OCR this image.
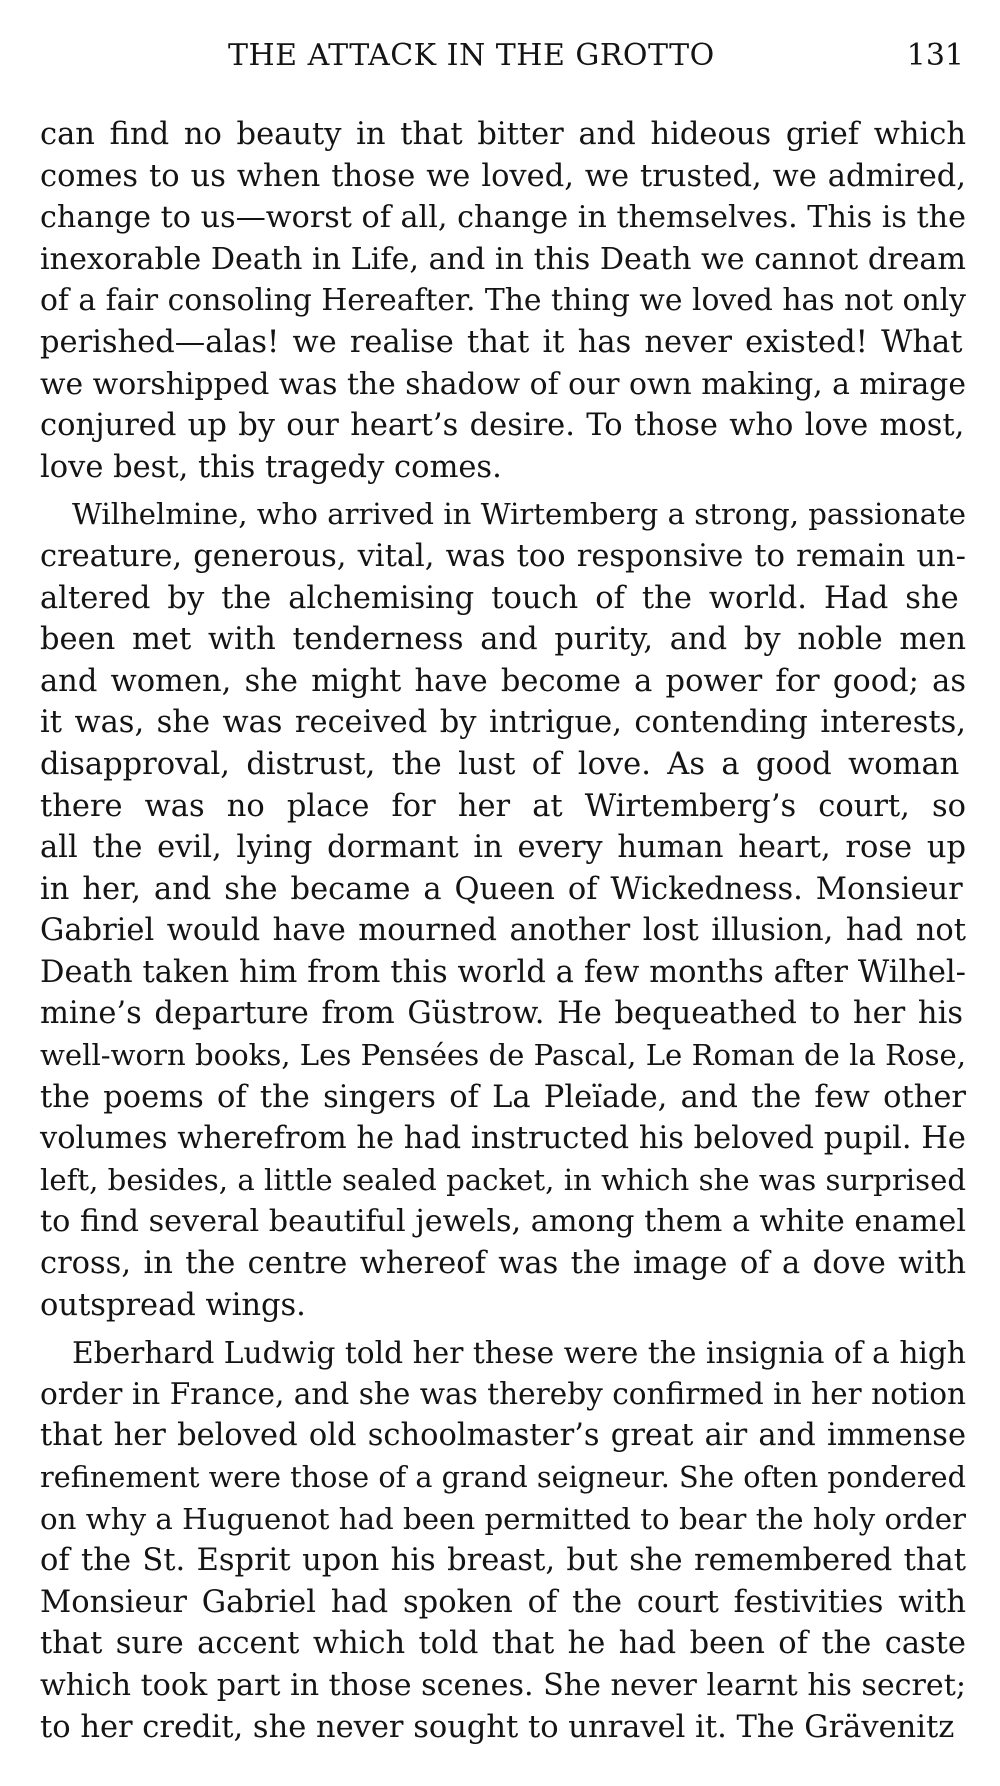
THE ATTACK IN THE GROTTO	131
can find no beauty in that bitter and hideous grief which
comes to us when those we loved, we trusted, we admired,
change to us—worst of all, change in themselves. This is the
inexorable Death in Life, and in this Death we cannot dream
of a fair consoling Hereafter. The thing we loved has not only
perished—alas! we realise that it has never existed! What
we worshipped was the shadow of our own making, a mirage
conjured up by our heart’s desire. To those who love most,
love best, this tragedy comes.
Wilhelmine, who arrived in Wirtemberg a strong, passionate
creature, generous, vital, was too responsive to remain un-
altered by the alchemising touch of the world. Had she
been met with tenderness and purity, and by noble men
and women, she might have become a power for good; as
it was, she was received by intrigue, contending interests,
disapproval, distrust, the lust of love. As a good woman
there was no place for her at Wirtemberg’s court, so
all the evil, lying dormant in every human heart, rose up
in her, and she became a Queen of Wickedness. Monsieur
Gabriel would have mourned another lost illusion, had not
Death taken him from this world a few months after Wilhel-
mine’s departure from Güstrow. He bequeathed to her his
well-worn books, Les Pensées de Pascal, Le Roman de la Rose,
the poems of the singers of La Pleïade, and the few other
volumes wherefrom he had instructed his beloved pupil. He
left, besides, a little sealed packet, in which she was surprised
to find several beautiful jewels, among them a white enamel
cross, in the centre whereof was the image of a dove with
outspread wings.
Eberhard Ludwig told her these were the insignia of a high
order in France, and she was thereby confirmed in her notion
that her beloved old schoolmaster’s great air and immense
refinement were those of a grand seigneur. She often pondered
on why a Huguenot had been permitted to bear the holy order
of the St. Esprit upon his breast, but she remembered that
Monsieur Gabriel had spoken of the court festivities with
that sure accent which told that he had been of the caste
which took part in those scenes. She never learnt his secret;
to her credit, she never sought to unravel it. The Grävenitz
